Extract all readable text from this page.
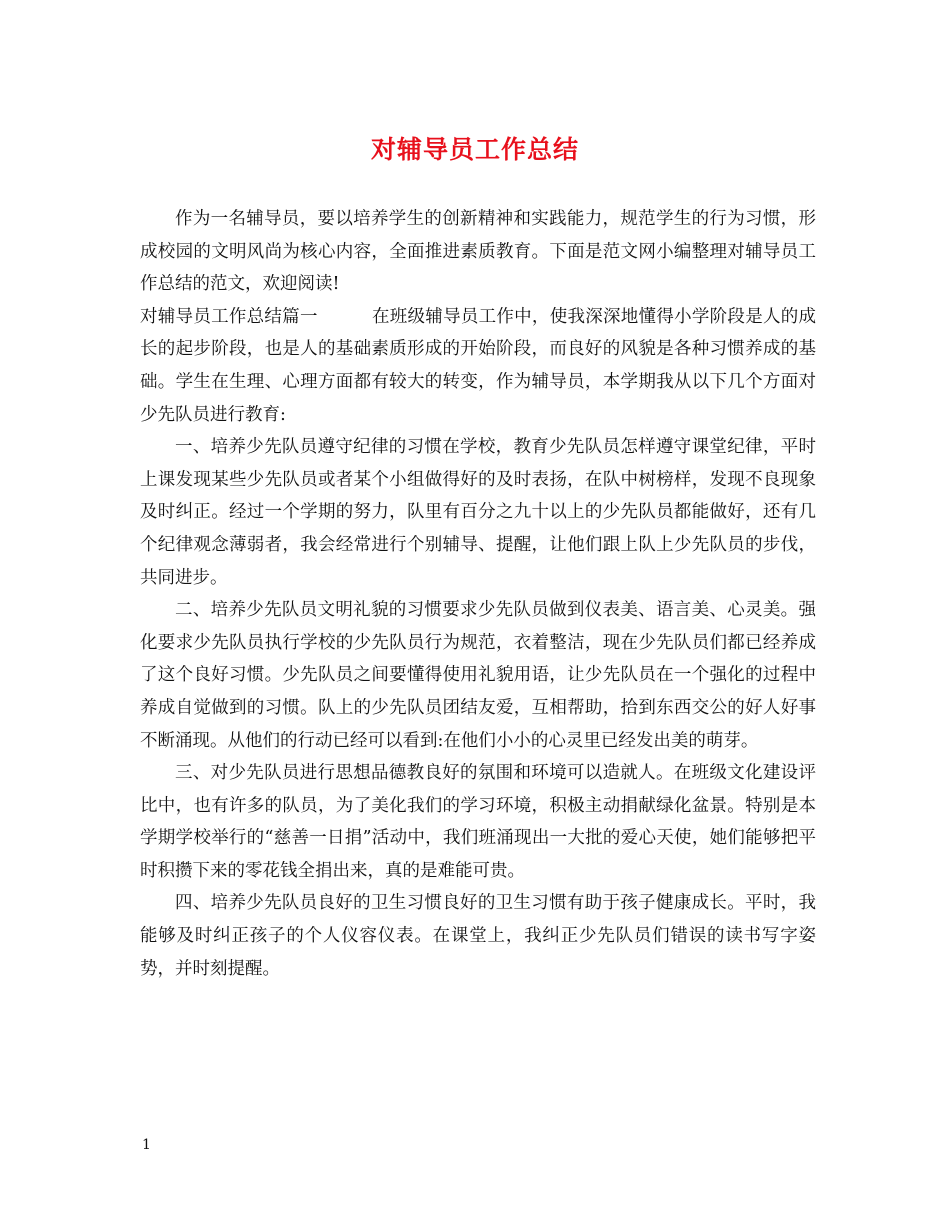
对辅导员工作总结

作为一名辅导员，要以培养学生的创新精神和实践能力，规范学生的行为习惯，形成校园的文明风尚为核心内容，全面推进素质教育。下面是范文网小编整理对辅导员工作总结的范文，欢迎阅读!

对辅导员工作总结篇一	在班级辅导员工作中，使我深深地懂得小学阶段是人的成长的起步阶段，也是人的基础素质形成的开始阶段，而良好的风貌是各种习惯养成的基础。学生在生理、心理方面都有较大的转变，作为辅导员，本学期我从以下几个方面对少先队员进行教育:

一、培养少先队员遵守纪律的习惯在学校，教育少先队员怎样遵守课堂纪律，平时上课发现某些少先队员或者某个小组做得好的及时表扬，在队中树榜样，发现不良现象及时纠正。经过一个学期的努力，队里有百分之九十以上的少先队员都能做好，还有几个纪律观念薄弱者，我会经常进行个别辅导、提醒，让他们跟上队上少先队员的步伐，共同进步。

二、培养少先队员文明礼貌的习惯要求少先队员做到仪表美、语言美、心灵美。强化要求少先队员执行学校的少先队员行为规范，衣着整洁，现在少先队员们都已经养成了这个良好习惯。少先队员之间要懂得使用礼貌用语，让少先队员在一个强化的过程中养成自觉做到的习惯。队上的少先队员团结友爱，互相帮助，拾到东西交公的好人好事不断涌现。从他们的行动已经可以看到:在他们小小的心灵里已经发出美的萌芽。

三、对少先队员进行思想品德教良好的氛围和环境可以造就人。在班级文化建设评比中，也有许多的队员，为了美化我们的学习环境，积极主动捐献绿化盆景。特别是本学期学校举行的“慈善一日捐”活动中，我们班涌现出一大批的爱心天使，她们能够把平时积攒下来的零花钱全捐出来，真的是难能可贵。

四、培养少先队员良好的卫生习惯良好的卫生习惯有助于孩子健康成长。平时，我能够及时纠正孩子的个人仪容仪表。在课堂上，我纠正少先队员们错误的读书写字姿势，并时刻提醒。

1
